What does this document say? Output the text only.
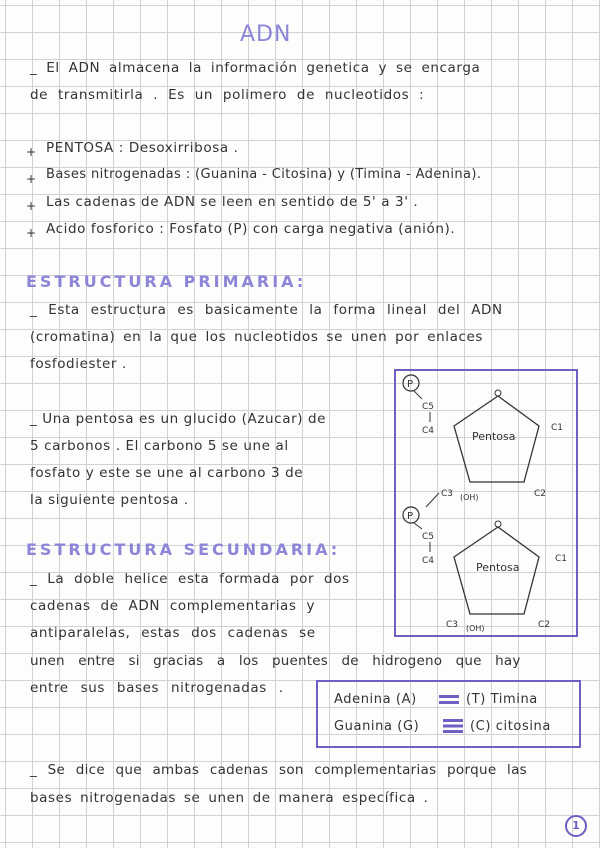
ADN
_ El ADN almacena la información genetica y se encarga
de transmitirla . Es un polimero de nucleotidos :
+ PENTOSA : Desoxirribosa .
+ Bases nitrogenadas : (Guanina - Citosina) y (Timina - Adenina).
+ Las cadenas de ADN se leen en sentido de 5' a 3' .
+ Acido fosforico : Fosfato (P) con carga negativa (anión).
ESTRUCTURA PRIMARIA:
_ Esta estructura es basicamente la forma lineal del ADN
(cromatina) en la que los nucleotidos se unen por enlaces
fosfodiester .
_ Una pentosa es un glucido (Azucar) de
5 carbonos . El carbono 5 se une al
fosfato y este se une al carbono 3 de
la siguiente pentosa .
P
C5
C4	Pentosa
C1
C2
C3 (OH)
P
C5
C4	Pentosa
C1
C2
C3 (OH)
ESTRUCTURA SECUNDARIA:
_ La doble helice esta formada por dos
cadenas de ADN complementarias y
antiparalelas, estas dos cadenas se
unen entre si gracias a los puentes de hidrogeno que hay
entre sus bases nitrogenadas .
Adenina (A)	(T) Timina
Guanina (G)	(C) citosina
_ Se dice que ambas cadenas son complementarias porque las
bases nitrogenadas se unen de manera específica .
1
